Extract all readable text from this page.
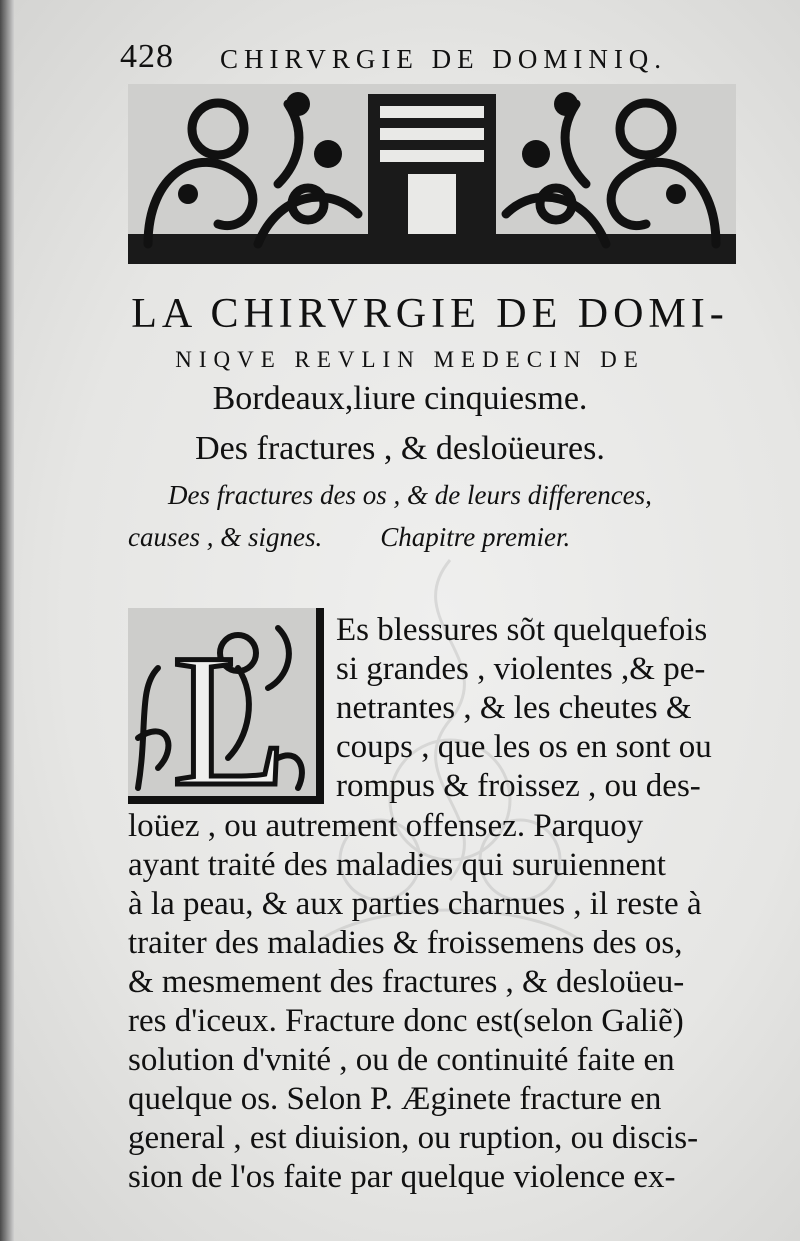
428 CHIRVRGIE DE DOMINIQ.
LA CHIRVRGIE DE DOMI-
NIQVE REVLIN MEDECIN DE
Bordeaux,liure cinquiesme.
Des fractures , & desloüeures.
Des fractures des os , & de leurs differences,
causes , & signes. Chapitre premier.
L Es blessures sõt quelquefois
si grandes , violentes ,& pe-
netrantes , & les cheutes &
coups , que les os en sont ou
rompus & froissez , ou des-
loüez , ou autrement offensez. Parquoy
ayant traité des maladies qui suruiennent
à la peau, & aux parties charnues , il reste à
traiter des maladies & froissemens des os,
& mesmement des fractures , & desloüeu-
res d'iceux. Fracture donc est(selon Galiẽ)
solution d'vnité , ou de continuité faite en
quelque os. Selon P. Æginete fracture en
general , est diuision, ou ruption, ou discis-
sion de l'os faite par quelque violence ex-
